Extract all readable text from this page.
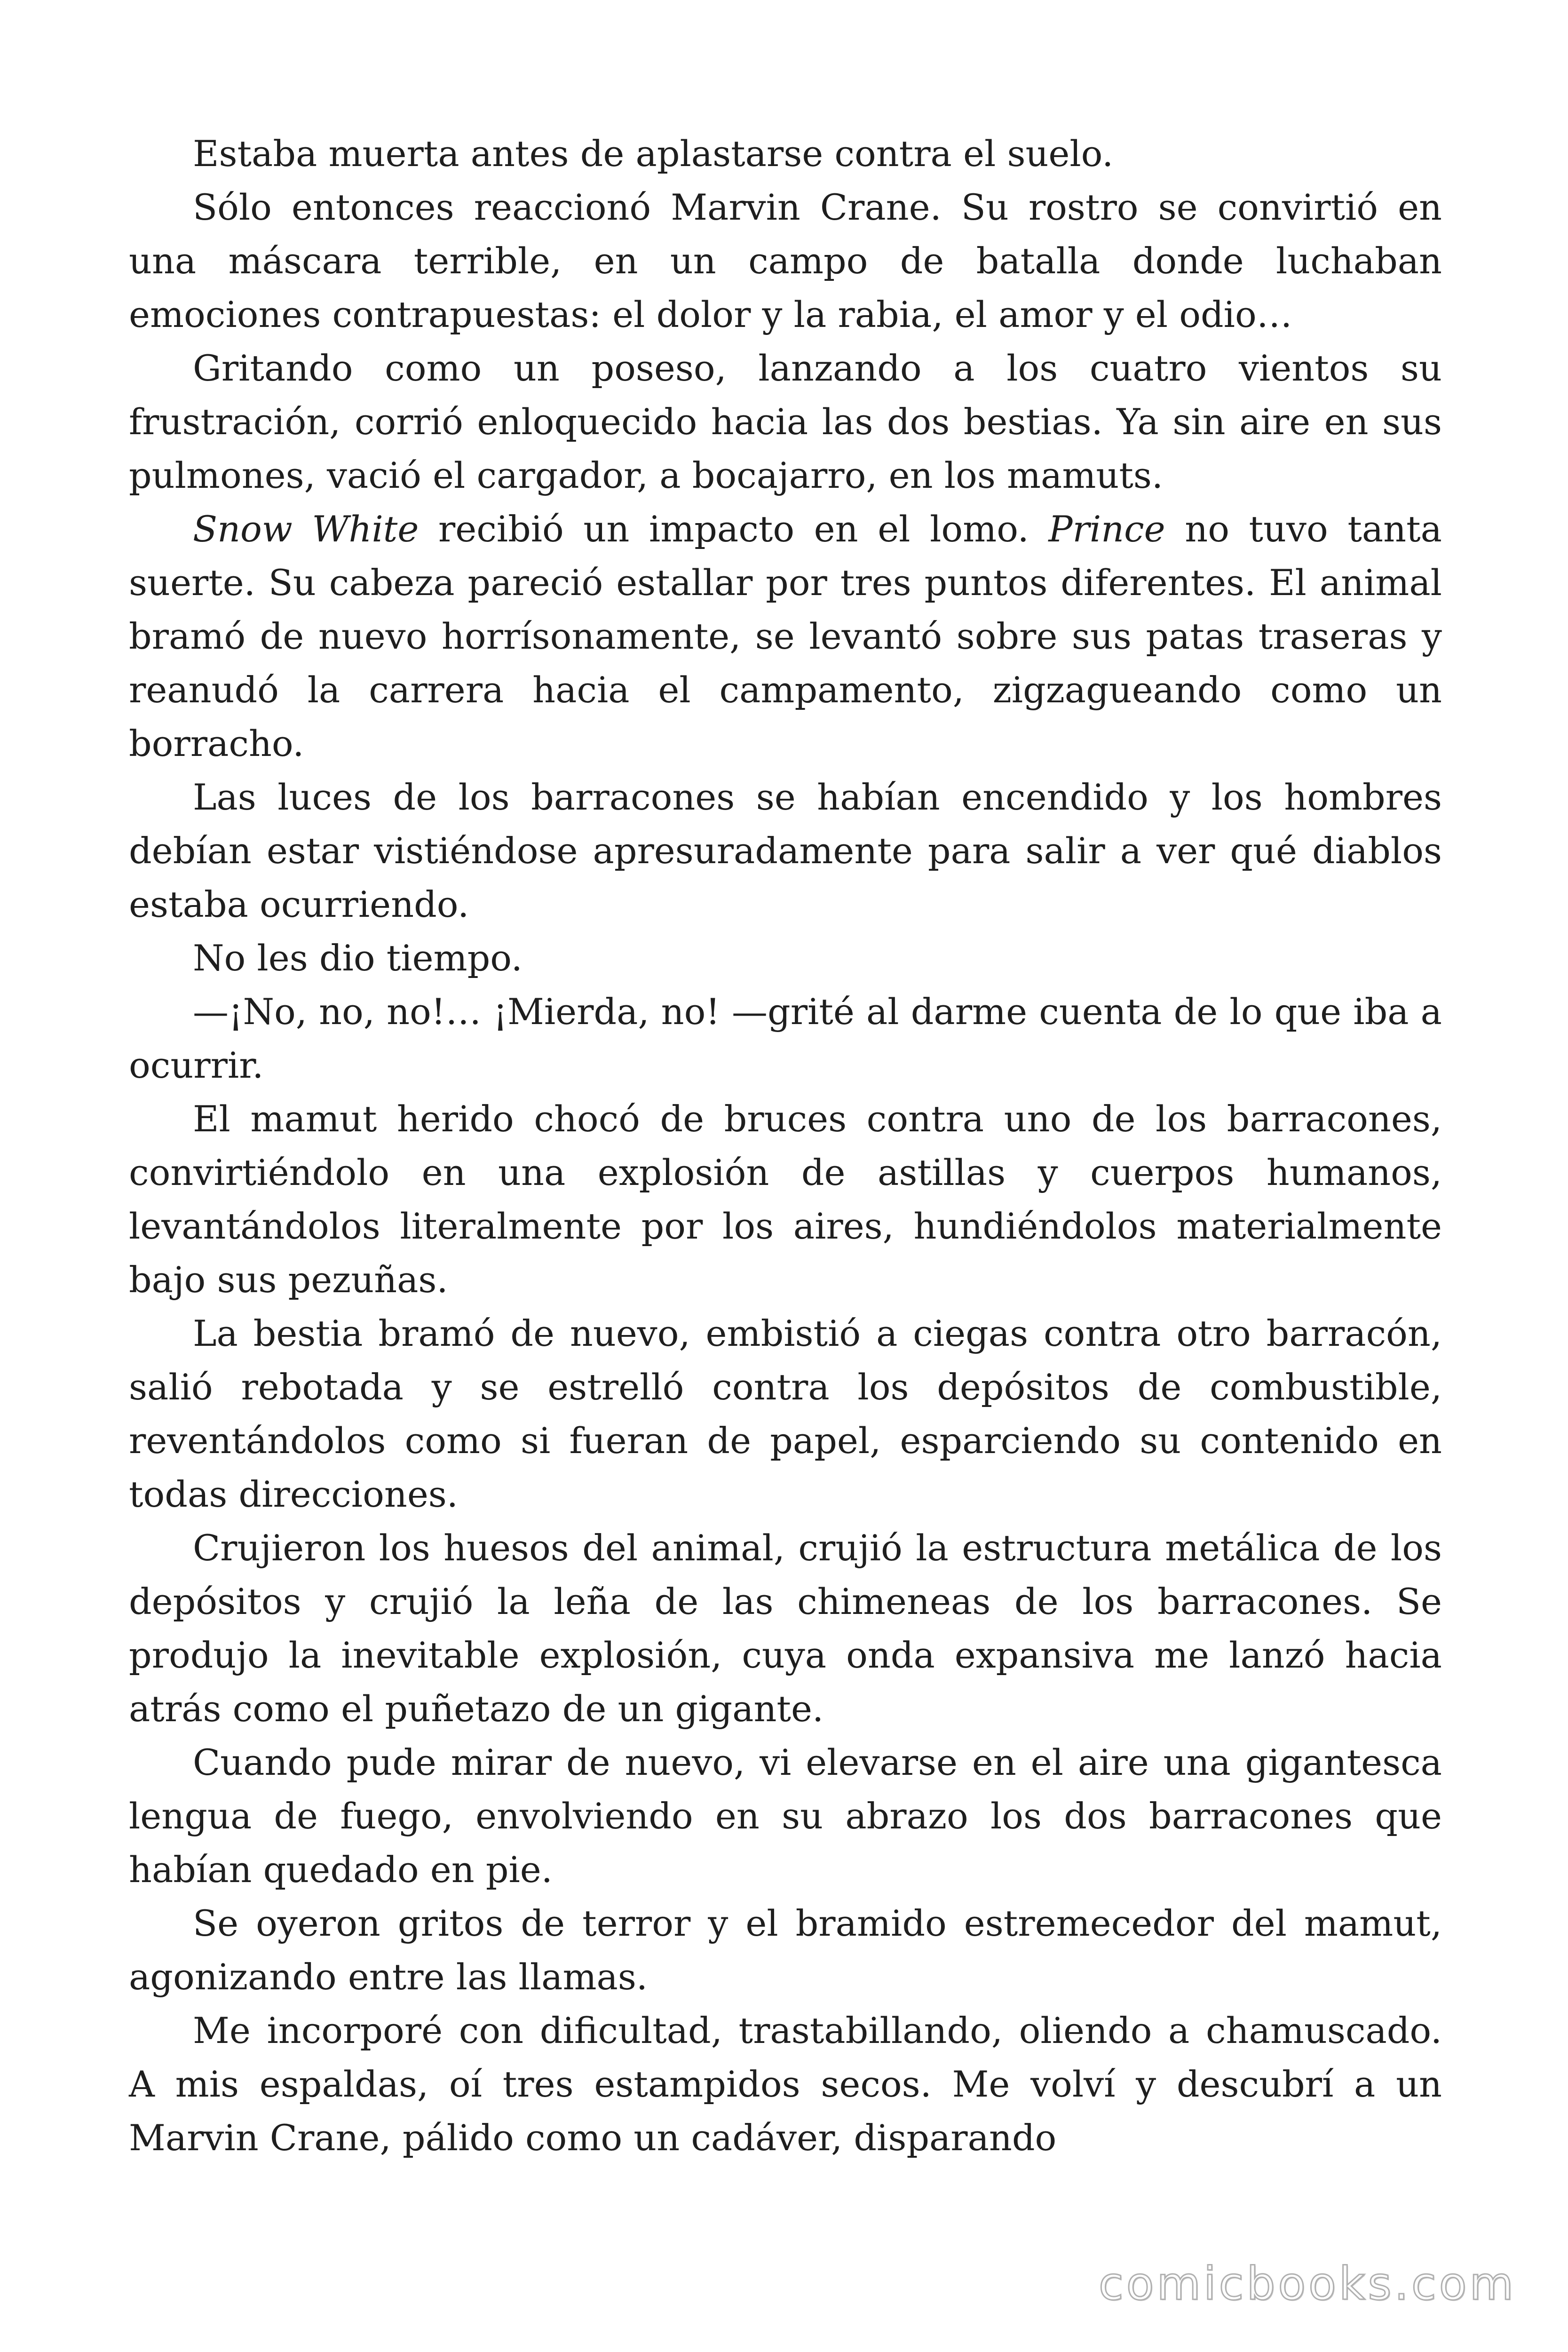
Estaba muerta antes de aplastarse contra el suelo.

Sólo entonces reaccionó Marvin Crane. Su rostro se convirtió en una máscara terrible, en un campo de batalla donde luchaban emociones contrapuestas: el dolor y la rabia, el amor y el odio…

Gritando como un poseso, lanzando a los cuatro vientos su frustración, corrió enloquecido hacia las dos bestias. Ya sin aire en sus pulmones, vació el cargador, a bocajarro, en los mamuts.

Snow White recibió un impacto en el lomo. Prince no tuvo tanta suerte. Su cabeza pareció estallar por tres puntos diferentes. El animal bramó de nuevo horrísonamente, se levantó sobre sus patas traseras y reanudó la carrera hacia el campamento, zigzagueando como un borracho.

Las luces de los barracones se habían encendido y los hombres debían estar vistiéndose apresuradamente para salir a ver qué diablos estaba ocurriendo.

No les dio tiempo.

—¡No, no, no!… ¡Mierda, no! —grité al darme cuenta de lo que iba a ocurrir.

El mamut herido chocó de bruces contra uno de los barracones, convirtiéndolo en una explosión de astillas y cuerpos humanos, levantándolos literalmente por los aires, hundiéndolos materialmente bajo sus pezuñas.

La bestia bramó de nuevo, embistió a ciegas contra otro barracón, salió rebotada y se estrelló contra los depósitos de combustible, reventándolos como si fueran de papel, esparciendo su contenido en todas direcciones.

Crujieron los huesos del animal, crujió la estructura metálica de los depósitos y crujió la leña de las chimeneas de los barracones. Se produjo la inevitable explosión, cuya onda expansiva me lanzó hacia atrás como el puñetazo de un gigante.

Cuando pude mirar de nuevo, vi elevarse en el aire una gigantesca lengua de fuego, envolviendo en su abrazo los dos barracones que habían quedado en pie.

Se oyeron gritos de terror y el bramido estremecedor del mamut, agonizando entre las llamas.

Me incorporé con dificultad, trastabillando, oliendo a chamuscado. A mis espaldas, oí tres estampidos secos. Me volví y descubrí a un Marvin Crane, pálido como un cadáver, disparando

comicbooks.com
